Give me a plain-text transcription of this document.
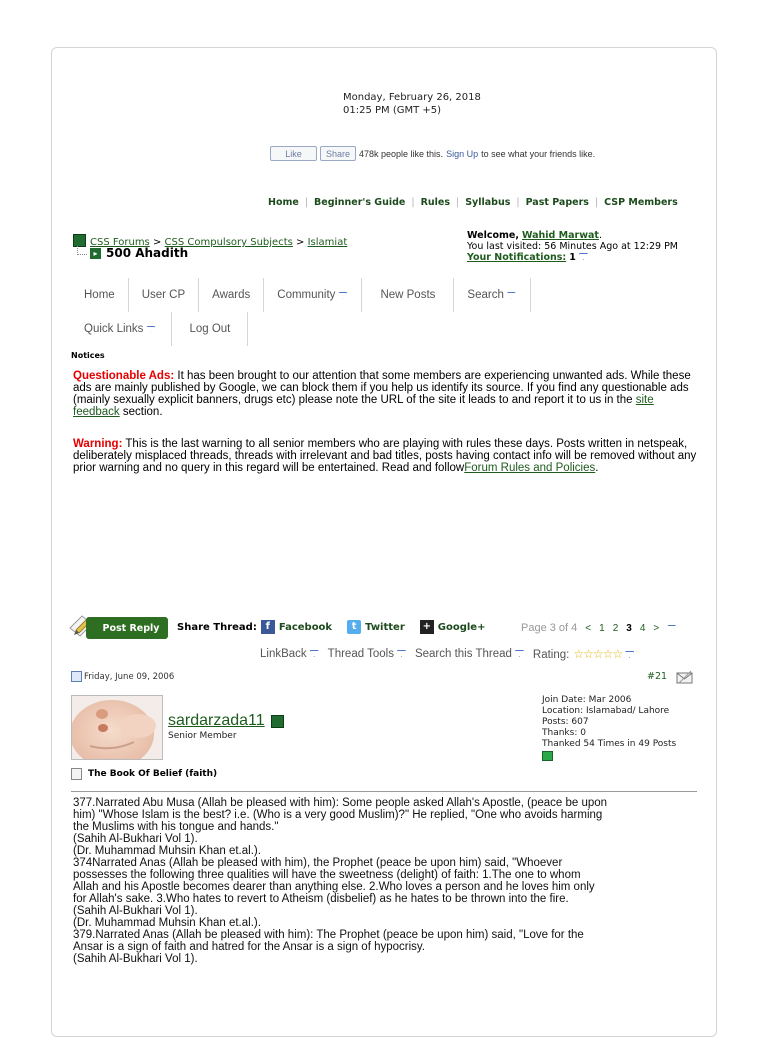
Monday, February 26, 2018
01:25 PM (GMT +5)
Like	Share 478k people like this. Sign Up to see what your friends like.
Home | Beginner's Guide | Rules | Syllabus | Past Papers | CSP Members
CSS Forums > CSS Compulsory Subjects > Islamiat
▸ 500 Ahadith
Welcome, Wahid Marwat.
You last visited: 56 Minutes Ago at 12:29 PM
Your Notifications: 1
Home User CP Awards Community	New Posts	Search
Quick Links	Log Out
Notices
Questionable Ads: It has been brought to our attention that some members are experiencing unwanted ads. While these ads are mainly published by Google, we can block them if you help us identify its source. If you find any questionable ads (mainly sexually explicit banners, drugs etc) please note the URL of the site it leads to and report it to us in the site feedback section.
Warning: This is the last warning to all senior members who are playing with rules these days. Posts written in netspeak, deliberately misplaced threads, threads with irrelevant and bad titles, posts having contact info will be removed without any prior warning and no query in this regard will be entertained. Read and followForum Rules and Policies.
Post Reply Share Thread: f Facebook	t Twitter + Google+	Page 3 of 4 < 1 2 3 4 >
LinkBack	Thread Tools	Search this Thread	Rating: ☆☆☆☆☆
Friday, June 09, 2006	#21
sardarzada11
Senior Member
Join Date: Mar 2006
Location: Islamabad/ Lahore
Posts: 607
Thanks: 0
Thanked 54 Times in 49 Posts
The Book Of Belief (faith)
377.Narrated Abu Musa (Allah be pleased with him): Some people asked Allah's Apostle, (peace be upon
him) "Whose Islam is the best? i.e. (Who is a very good Muslim)?" He replied, "One who avoids harming
the Muslims with his tongue and hands."
(Sahih Al-Bukhari Vol 1).
(Dr. Muhammad Muhsin Khan et.al.).
374Narrated Anas (Allah be pleased with him), the Prophet (peace be upon him) said, "Whoever
possesses the following three qualities will have the sweetness (delight) of faith: 1.The one to whom
Allah and his Apostle becomes dearer than anything else. 2.Who loves a person and he loves him only
for Allah's sake. 3.Who hates to revert to Atheism (disbelief) as he hates to be thrown into the fire.
(Sahih Al-Bukhari Vol 1).
(Dr. Muhammad Muhsin Khan et.al.).
379.Narrated Anas (Allah be pleased with him): The Prophet (peace be upon him) said, "Love for the
Ansar is a sign of faith and hatred for the Ansar is a sign of hypocrisy.
(Sahih Al-Bukhari Vol 1).
